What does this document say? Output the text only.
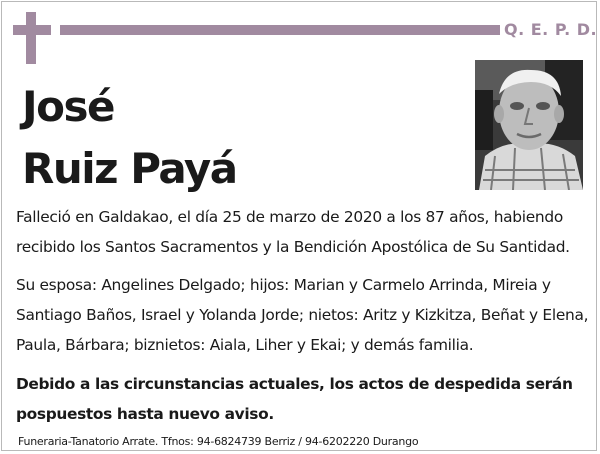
Q. E. P. D.
José
Ruiz Payá
Falleció en Galdakao, el día 25 de marzo de 2020 a los 87 años, habiendo recibido los Santos Sacramentos y la Bendición Apostólica de Su Santidad.
Su esposa: Angelines Delgado; hijos: Marian y Carmelo Arrinda, Mireia y Santiago Baños, Israel y Yolanda Jorde; nietos: Aritz y Kizkitza, Beñat y Elena, Paula, Bárbara; biznietos: Aiala, Liher y Ekai; y demás familia.
Debido a las circunstancias actuales, los actos de despedida serán pospuestos hasta nuevo aviso.
Funeraria-Tanatorio Arrate. Tfnos: 94-6824739 Berriz / 94-6202220 Durango
